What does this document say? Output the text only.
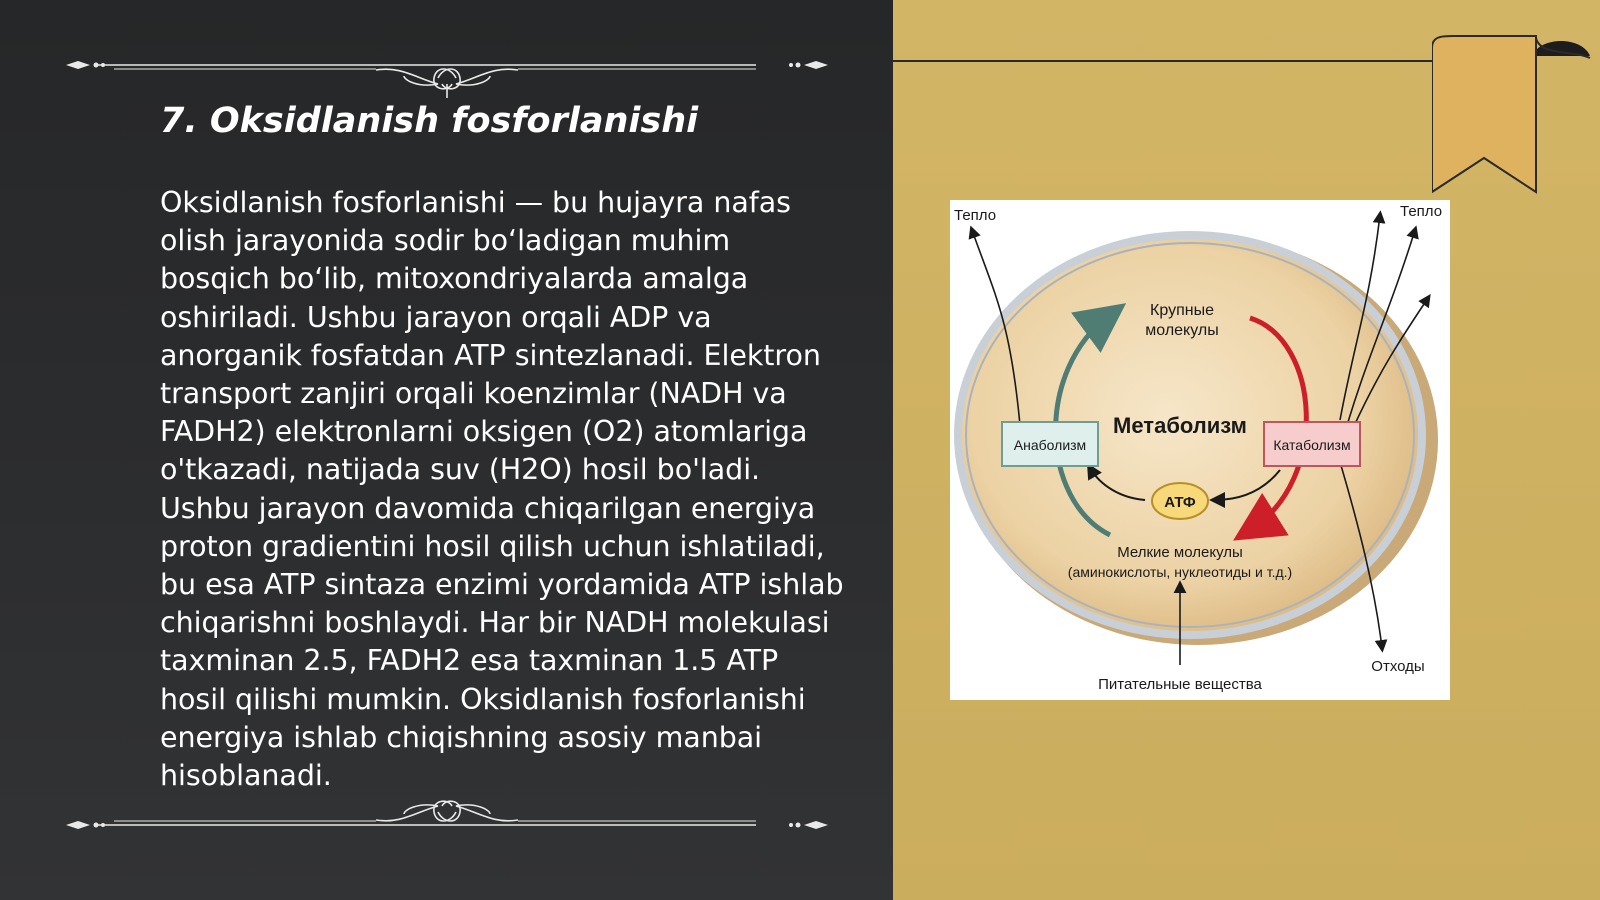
7. Oksidlanish fosforlanishi

Oksidlanish fosforlanishi — bu hujayra nafas olish jarayonida sodir bo‘ladigan muhim bosqich bo‘lib, mitoxondriyalarda amalga oshiriladi. Ushbu jarayon orqali ADP va anorganik fosfatdan ATP sintezlanadi. Elektron transport zanjiri orqali koenzimlar (NADH va FADH2) elektronlarni oksigen (O2) atomlariga o'tkazadi, natijada suv (H2O) hosil bo'ladi. Ushbu jarayon davomida chiqarilgan energiya proton gradientini hosil qilish uchun ishlatiladi, bu esa ATP sintaza enzimi yordamida ATP ishlab chiqarishni boshlaydi. Har bir NADH molekulasi taxminan 2.5, FADH2 esa taxminan 1.5 ATP hosil qilishi mumkin. Oksidlanish fosforlanishi energiya ishlab chiqishning asosiy manbai hisoblanadi.

Тепло	Тепло
Крупные
молекулы
Метаболизм
Анаболизм	Катаболизм
АТФ
Мелкие молекулы
(аминокислоты, нуклеотиды и т.д.)
Питательные вещества
Отходы
